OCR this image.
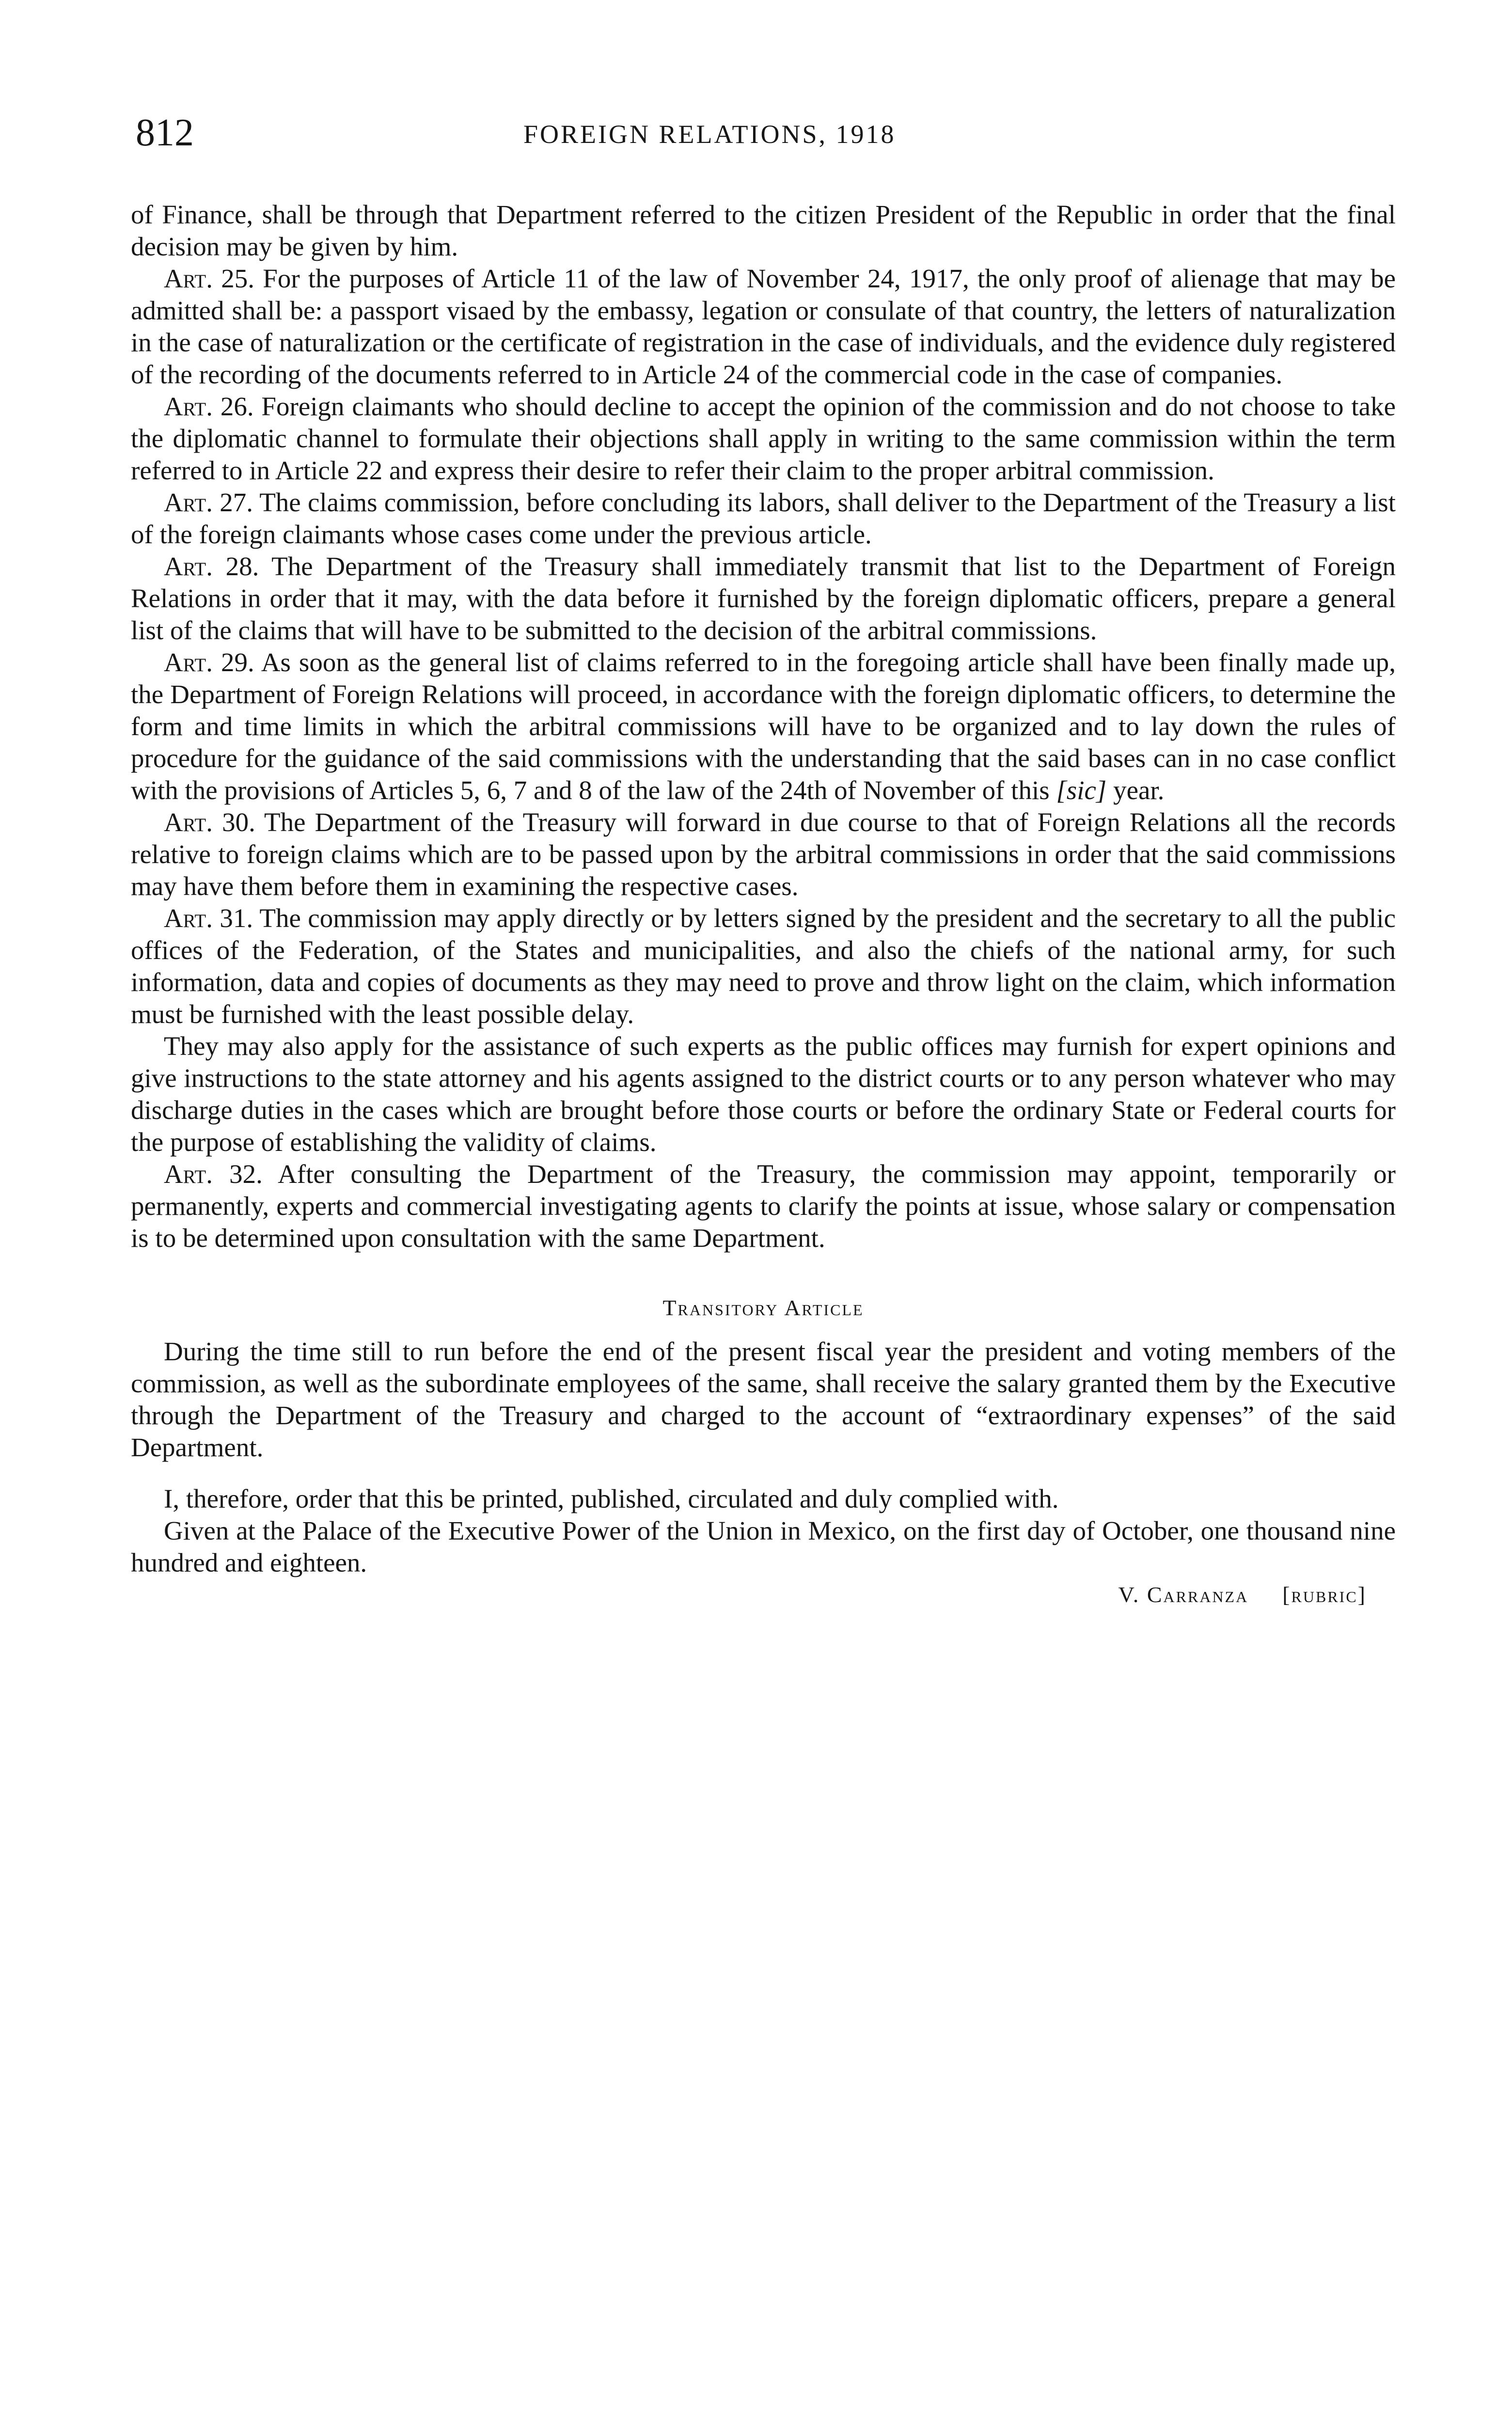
812	FOREIGN RELATIONS, 1918

of Finance, shall be through that Department referred to the citizen President of the Republic in order that the final decision may be given by him.

Art. 25. For the purposes of Article 11 of the law of November 24, 1917, the only proof of alienage that may be admitted shall be: a passport visaed by the embassy, legation or consulate of that country, the letters of naturalization in the case of naturalization or the certificate of registration in the case of individuals, and the evidence duly registered of the recording of the documents referred to in Article 24 of the commercial code in the case of companies.

Art. 26. Foreign claimants who should decline to accept the opinion of the commission and do not choose to take the diplomatic channel to formulate their objections shall apply in writing to the same commission within the term referred to in Article 22 and express their desire to refer their claim to the proper arbitral commission.

Art. 27. The claims commission, before concluding its labors, shall deliver to the Department of the Treasury a list of the foreign claimants whose cases come under the previous article.

Art. 28. The Department of the Treasury shall immediately transmit that list to the Department of Foreign Relations in order that it may, with the data before it furnished by the foreign diplomatic officers, prepare a general list of the claims that will have to be submitted to the decision of the arbitral commissions.

Art. 29. As soon as the general list of claims referred to in the foregoing article shall have been finally made up, the Department of Foreign Relations will proceed, in accordance with the foreign diplomatic officers, to determine the form and time limits in which the arbitral commissions will have to be organized and to lay down the rules of procedure for the guidance of the said commissions with the understanding that the said bases can in no case conflict with the provisions of Articles 5, 6, 7 and 8 of the law of the 24th of November of this [sic] year.

Art. 30. The Department of the Treasury will forward in due course to that of Foreign Relations all the records relative to foreign claims which are to be passed upon by the arbitral commissions in order that the said commissions may have them before them in examining the respective cases.

Art. 31. The commission may apply directly or by letters signed by the president and the secretary to all the public offices of the Federation, of the States and municipalities, and also the chiefs of the national army, for such information, data and copies of documents as they may need to prove and throw light on the claim, which information must be furnished with the least possible delay.

They may also apply for the assistance of such experts as the public offices may furnish for expert opinions and give instructions to the state attorney and his agents assigned to the district courts or to any person whatever who may discharge duties in the cases which are brought before those courts or before the ordinary State or Federal courts for the purpose of establishing the validity of claims.

Art. 32. After consulting the Department of the Treasury, the commission may appoint, temporarily or permanently, experts and commercial investigating agents to clarify the points at issue, whose salary or compensation is to be determined upon consultation with the same Department.

Transitory Article

During the time still to run before the end of the present fiscal year the president and voting members of the commission, as well as the subordinate employees of the same, shall receive the salary granted them by the Executive through the Department of the Treasury and charged to the account of “extraordinary expenses” of the said Department.

I, therefore, order that this be printed, published, circulated and duly complied with.

Given at the Palace of the Executive Power of the Union in Mexico, on the first day of October, one thousand nine hundred and eighteen.

V. Carranza [rubric]
